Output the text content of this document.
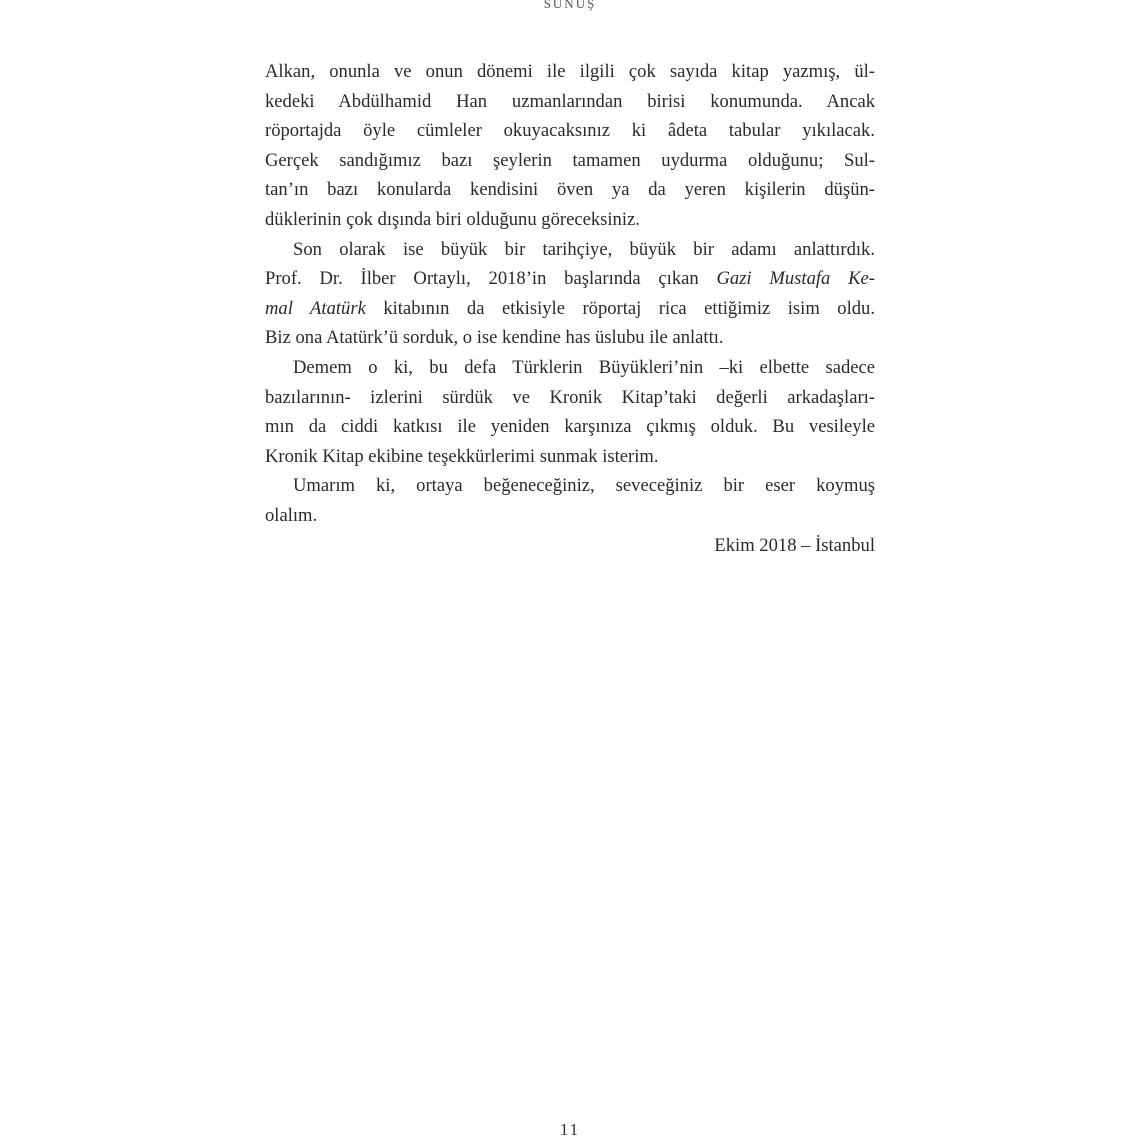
SUNUŞ

Alkan, onunla ve onun dönemi ile ilgili çok sayıda kitap yazmış, ül-
kedeki Abdülhamid Han uzmanlarından birisi konumunda. Ancak
röportajda öyle cümleler okuyacaksınız ki âdeta tabular yıkılacak.
Gerçek sandığımız bazı şeylerin tamamen uydurma olduğunu; Sul-
tan’ın bazı konularda kendisini öven ya da yeren kişilerin düşün-
düklerinin çok dışında biri olduğunu göreceksiniz.

Son olarak ise büyük bir tarihçiye, büyük bir adamı anlattırdık.
Prof. Dr. İlber Ortaylı, 2018’in başlarında çıkan Gazi Mustafa Ke-
mal Atatürk kitabının da etkisiyle röportaj rica ettiğimiz isim oldu.
Biz ona Atatürk’ü sorduk, o ise kendine has üslubu ile anlattı.

Demem o ki, bu defa Türklerin Büyükleri’nin –ki elbette sadece
bazılarının- izlerini sürdük ve Kronik Kitap’taki değerli arkadaşları-
mın da ciddi katkısı ile yeniden karşınıza çıkmış olduk. Bu vesileyle
Kronik Kitap ekibine teşekkürlerimi sunmak isterim.

Umarım ki, ortaya beğeneceğiniz, seveceğiniz bir eser koymuş
olalım.

Ekim 2018 – İstanbul
11
